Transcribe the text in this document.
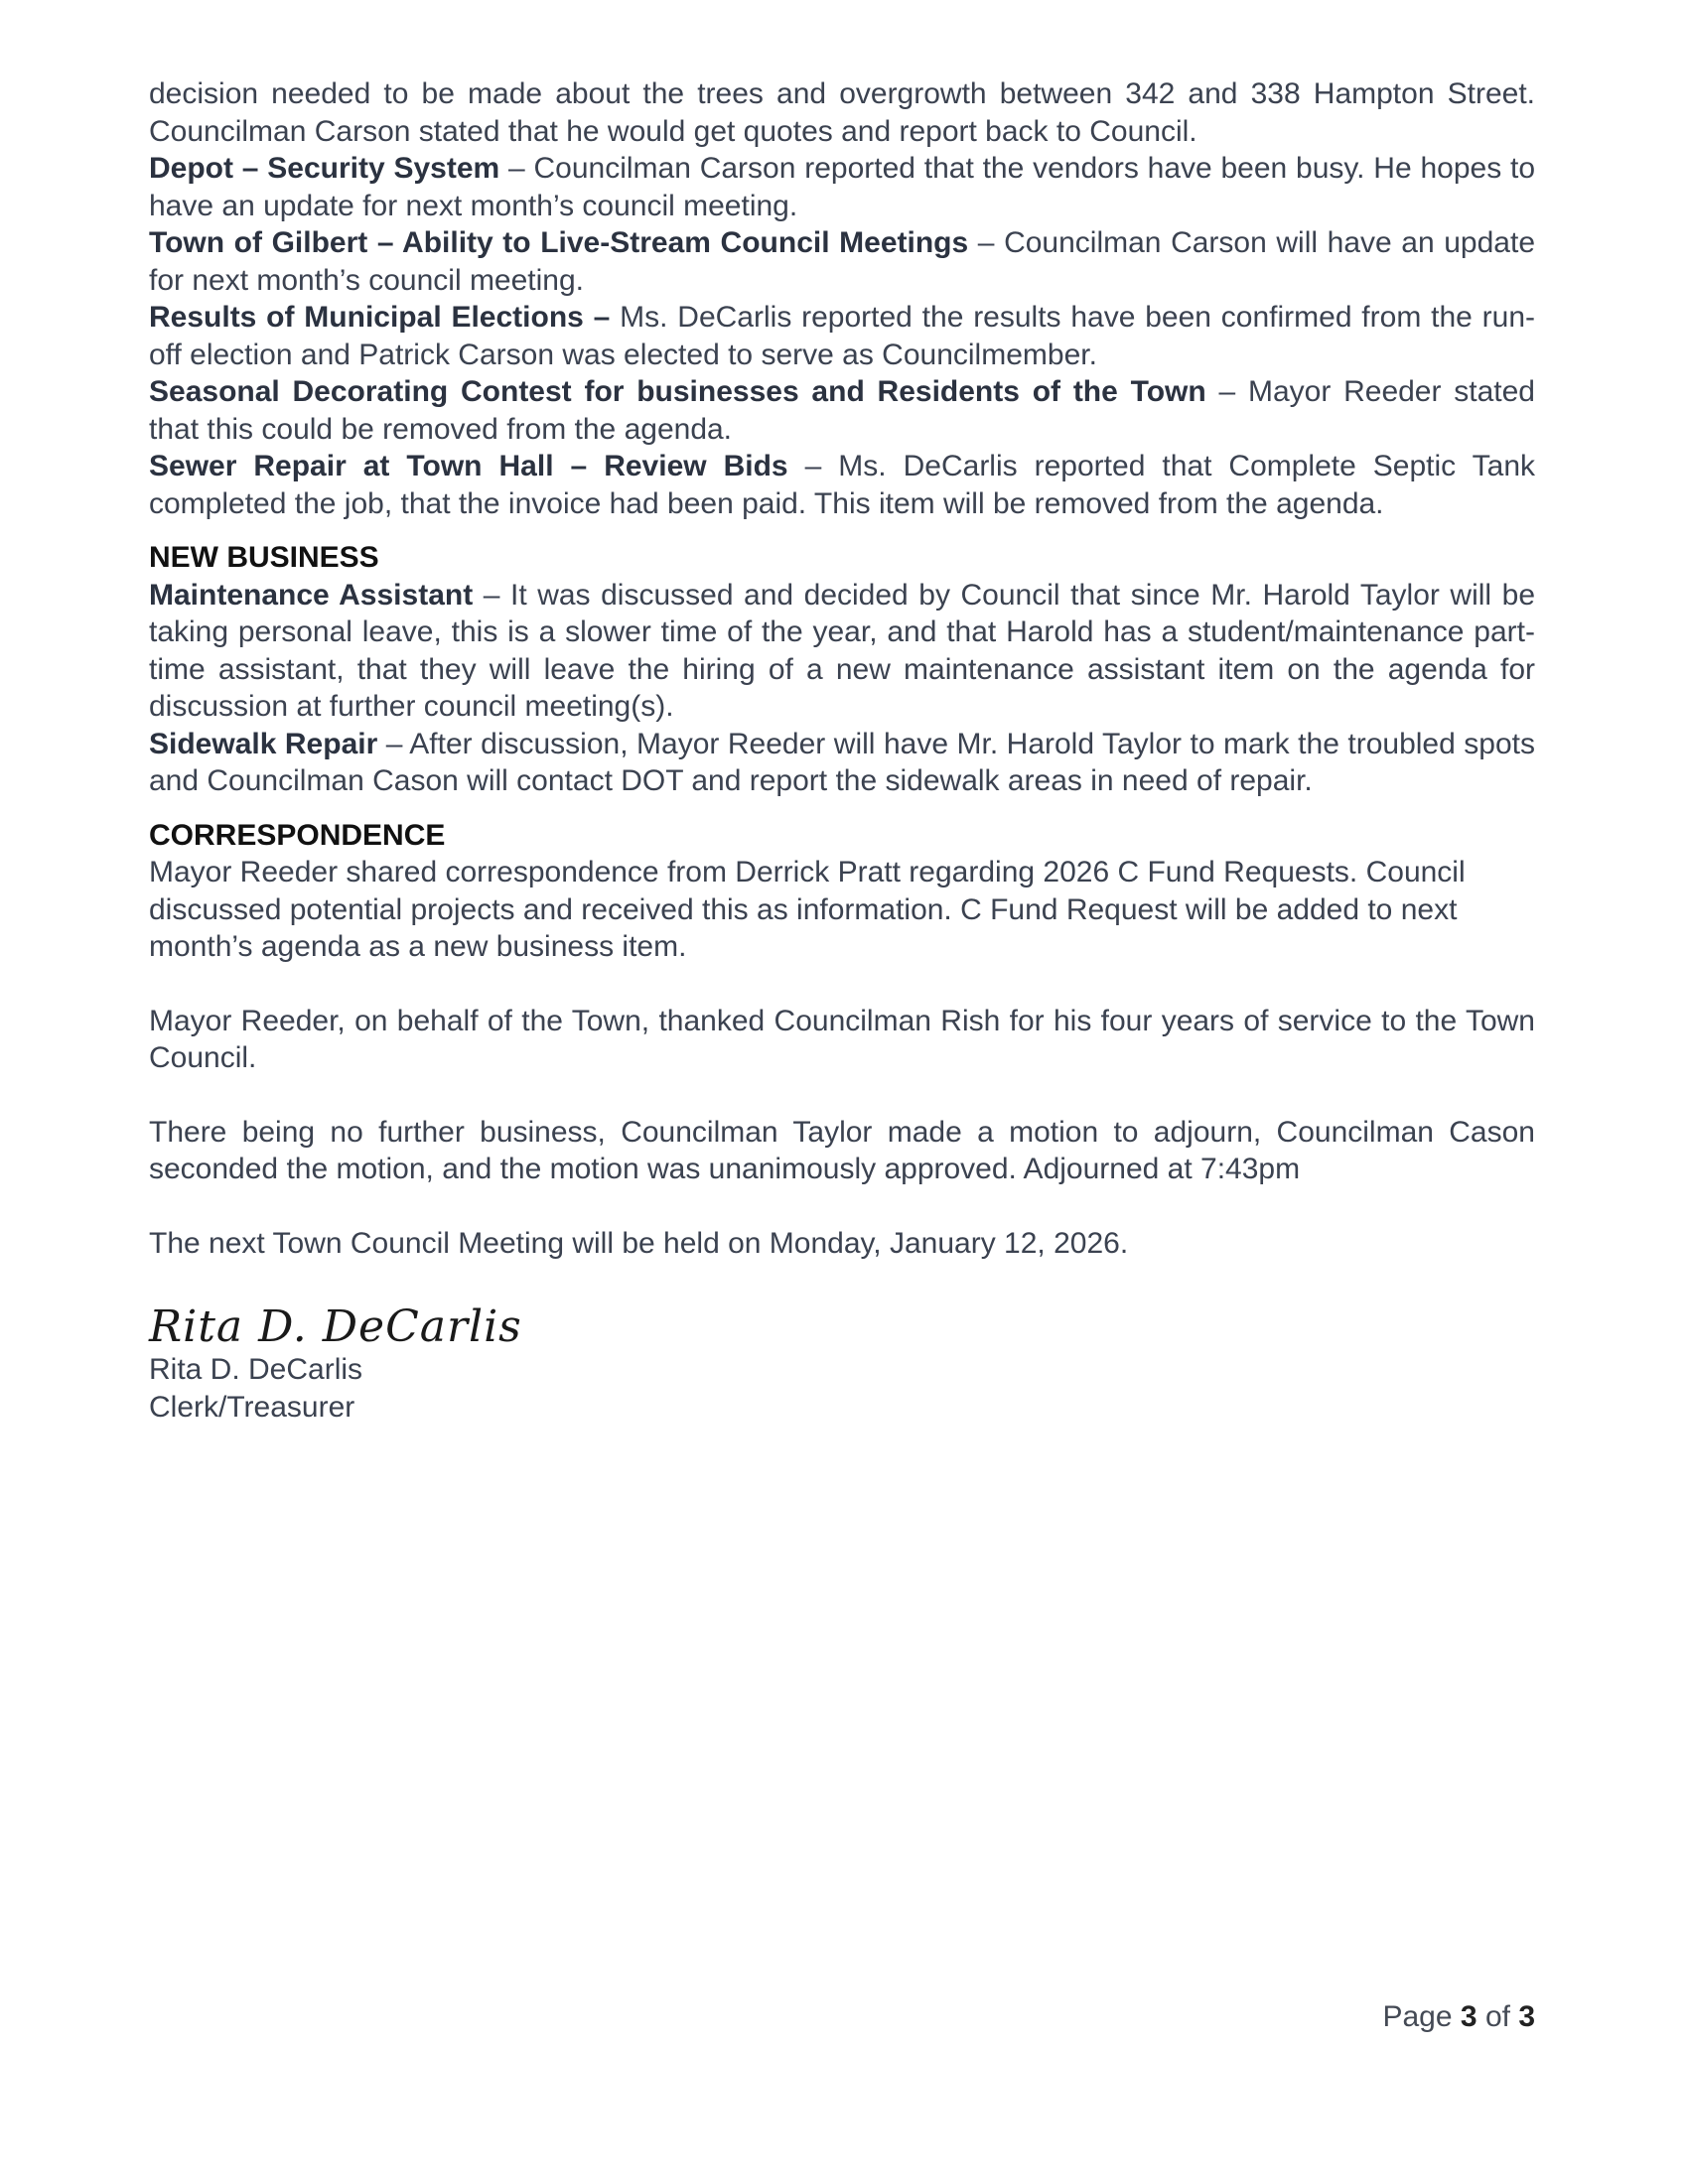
decision needed to be made about the trees and overgrowth between 342 and 338 Hampton Street. Councilman Carson stated that he would get quotes and report back to Council.

Depot – Security System – Councilman Carson reported that the vendors have been busy. He hopes to have an update for next month’s council meeting.

Town of Gilbert – Ability to Live-Stream Council Meetings – Councilman Carson will have an update for next month’s council meeting.

Results of Municipal Elections – Ms. DeCarlis reported the results have been confirmed from the run-off election and Patrick Carson was elected to serve as Councilmember.

Seasonal Decorating Contest for businesses and Residents of the Town – Mayor Reeder stated that this could be removed from the agenda.

Sewer Repair at Town Hall – Review Bids – Ms. DeCarlis reported that Complete Septic Tank completed the job, that the invoice had been paid. This item will be removed from the agenda.

NEW BUSINESS

Maintenance Assistant – It was discussed and decided by Council that since Mr. Harold Taylor will be taking personal leave, this is a slower time of the year, and that Harold has a student/maintenance part-time assistant, that they will leave the hiring of a new maintenance assistant item on the agenda for discussion at further council meeting(s).

Sidewalk Repair – After discussion, Mayor Reeder will have Mr. Harold Taylor to mark the troubled spots and Councilman Cason will contact DOT and report the sidewalk areas in need of repair.

CORRESPONDENCE

Mayor Reeder shared correspondence from Derrick Pratt regarding 2026 C Fund Requests. Council discussed potential projects and received this as information. C Fund Request will be added to next month’s agenda as a new business item.

Mayor Reeder, on behalf of the Town, thanked Councilman Rish for his four years of service to the Town Council.

There being no further business, Councilman Taylor made a motion to adjourn, Councilman Cason seconded the motion, and the motion was unanimously approved. Adjourned at 7:43pm

The next Town Council Meeting will be held on Monday, January 12, 2026.

Rita D. DeCarlis
Rita D. DeCarlis
Clerk/Treasurer
Page 3 of 3
